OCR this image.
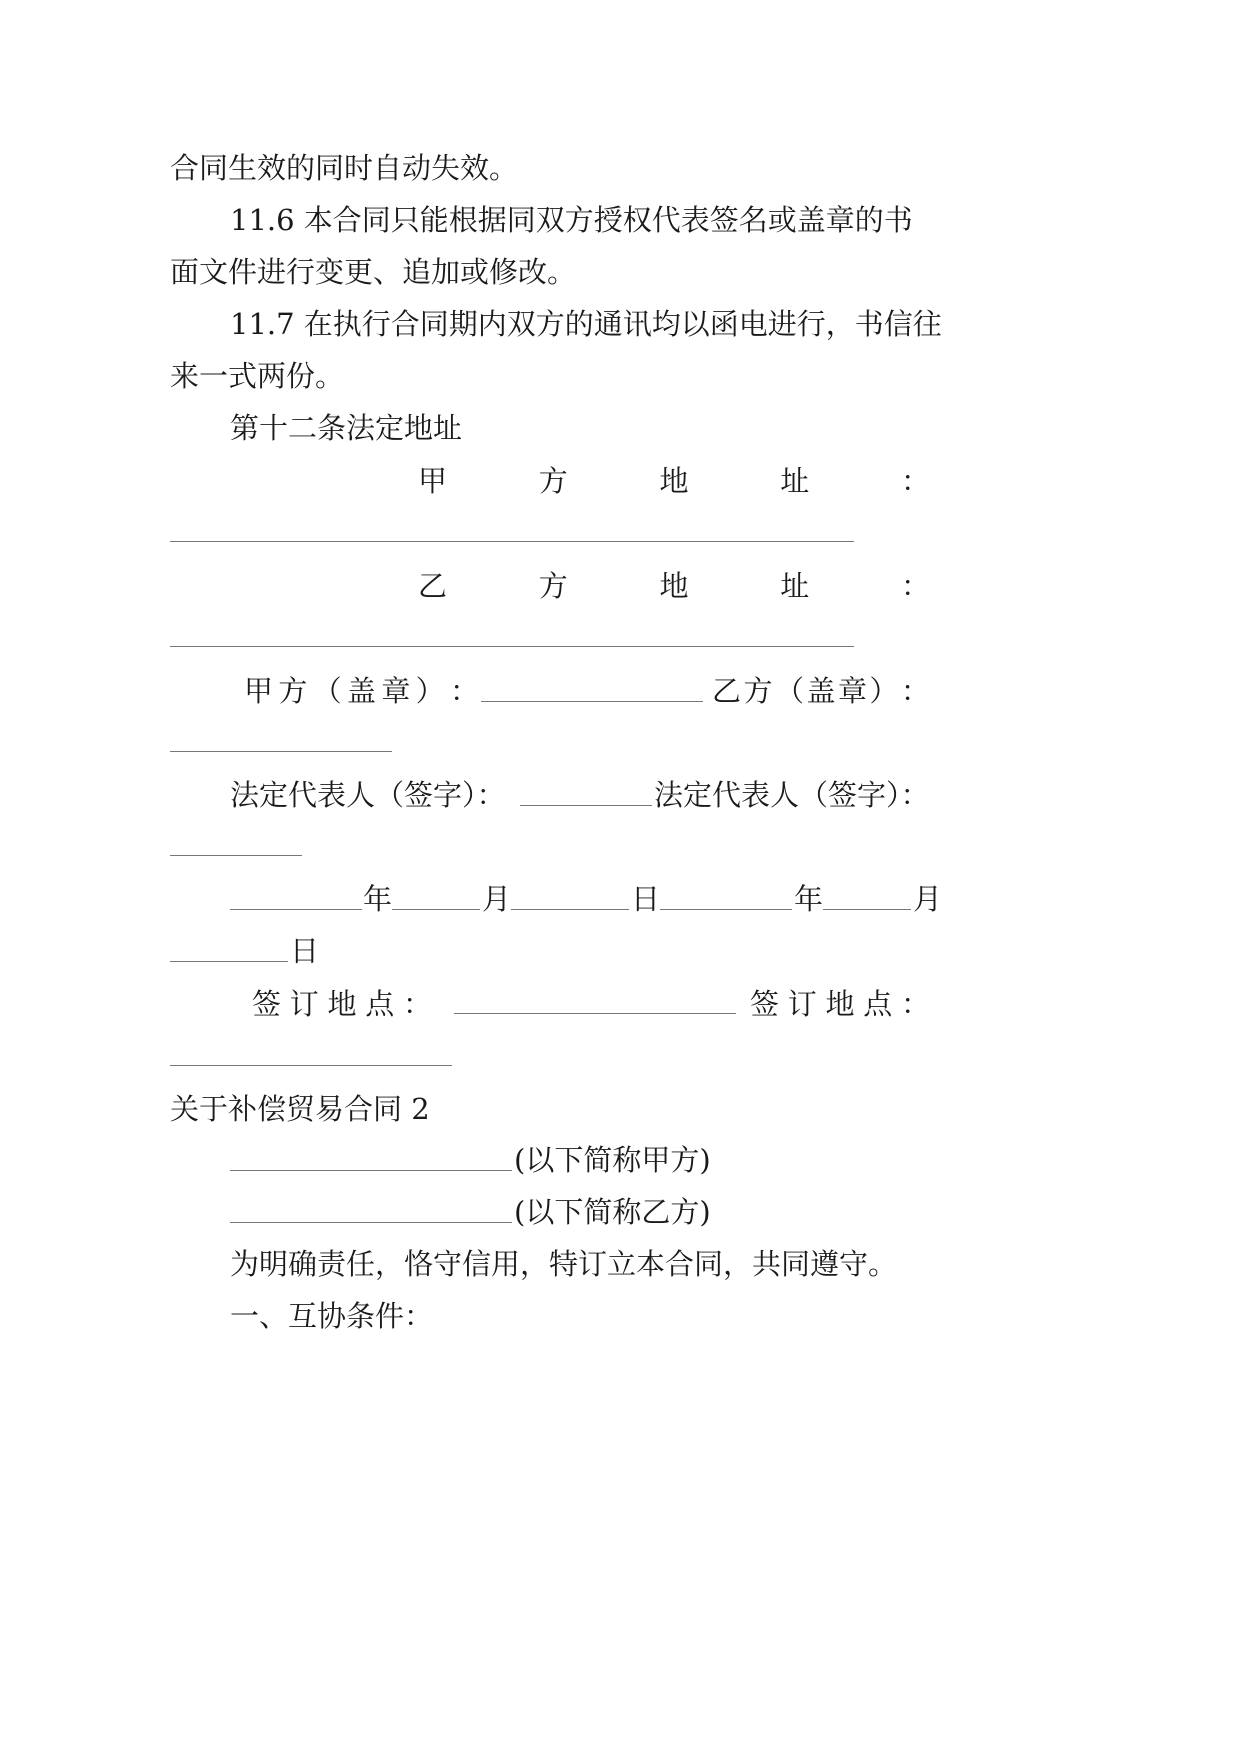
合同生效的同时自动失效。
11.6 本合同只能根据同双方授权代表签名或盖章的书
面文件进行变更、追加或修改。
11.7 在执行合同期内双方的通讯均以函电进行，书信往
来一式两份。
第十二条法定地址
甲	方	地	址	：
乙	方	地	址	：
甲 方 （ 盖 章 ） ：	乙 方 （ 盖 章 ） ：
法定代表人（签字）：	法定代表人（签字）：
年	月	日	年	月
日
签 订 地 点 ：	签 订 地 点 ：
关于补偿贸易合同 2
(以下简称甲方)
(以下简称乙方)
为明确责任，恪守信用，特订立本合同，共同遵守。
一、互协条件：
